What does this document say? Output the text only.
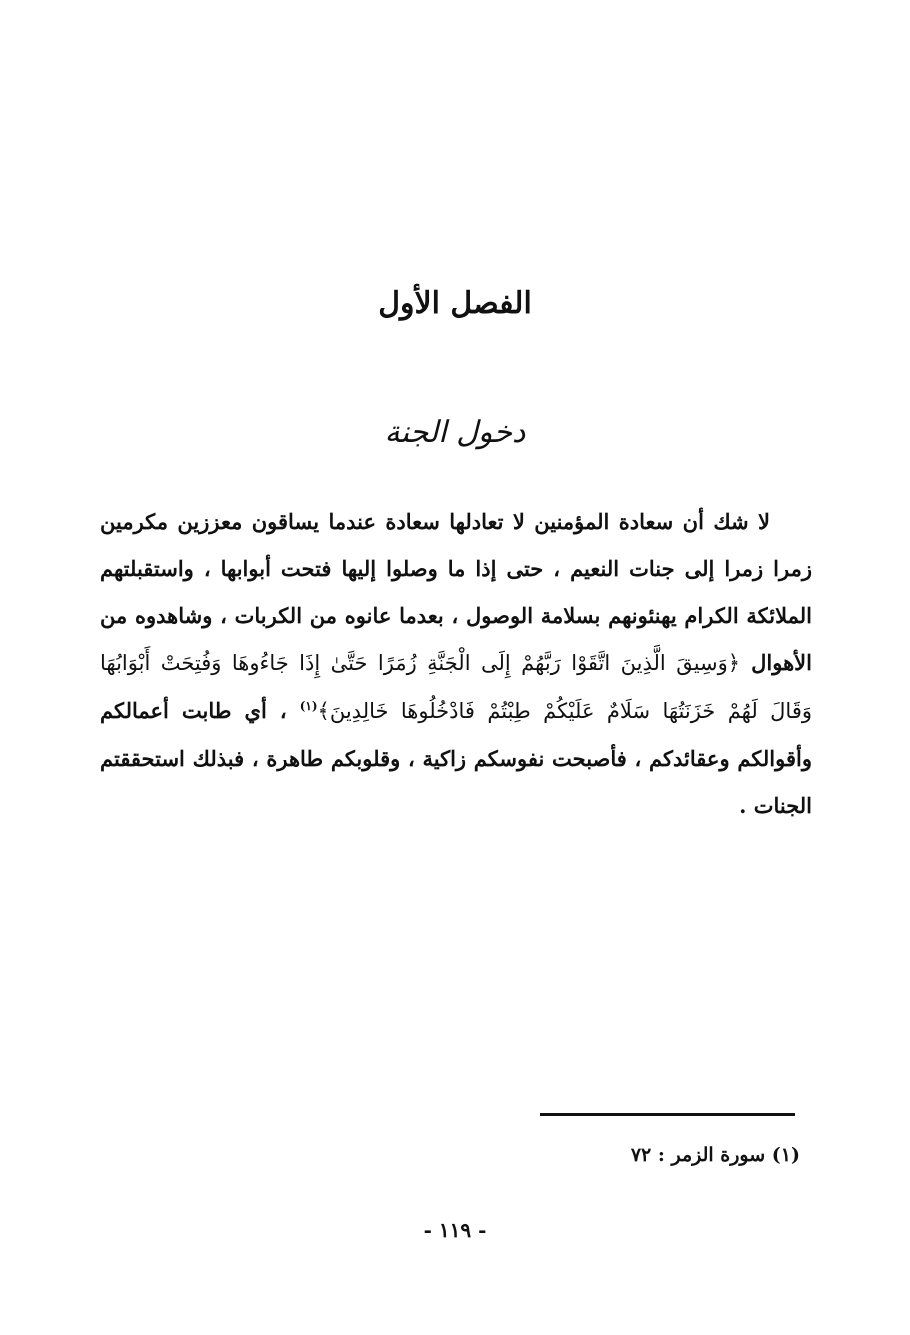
الفصل الأول
دخول الجنة

لا شك أن سعادة المؤمنين لا تعادلها سعادة عندما يساقون معززين مكرمين زمرا زمرا إلى جنات النعيم ، حتى إذا ما وصلوا إليها فتحت أبوابها ، واستقبلتهم الملائكة الكرام يهنئونهم بسلامة الوصول ، بعدما عانوه من الكربات ، وشاهدوه من الأهوال ﴿وَسِيقَ الَّذِينَ اتَّقَوْا رَبَّهُمْ إِلَى الْجَنَّةِ زُمَرًا حَتَّىٰ إِذَا جَاءُوهَا وَفُتِحَتْ أَبْوَابُهَا وَقَالَ لَهُمْ خَزَنَتُهَا سَلَامٌ عَلَيْكُمْ طِبْتُمْ فَادْخُلُوهَا خَالِدِينَ﴾$^{(١)}$ ، أي طابت أعمالكم وأقوالكم وعقائدكم ، فأصبحت نفوسكم زاكية ، وقلوبكم طاهرة ، فبذلك استحققتم الجنات .

(١) سورة الزمر : ٧٢
- ١١٩ -
